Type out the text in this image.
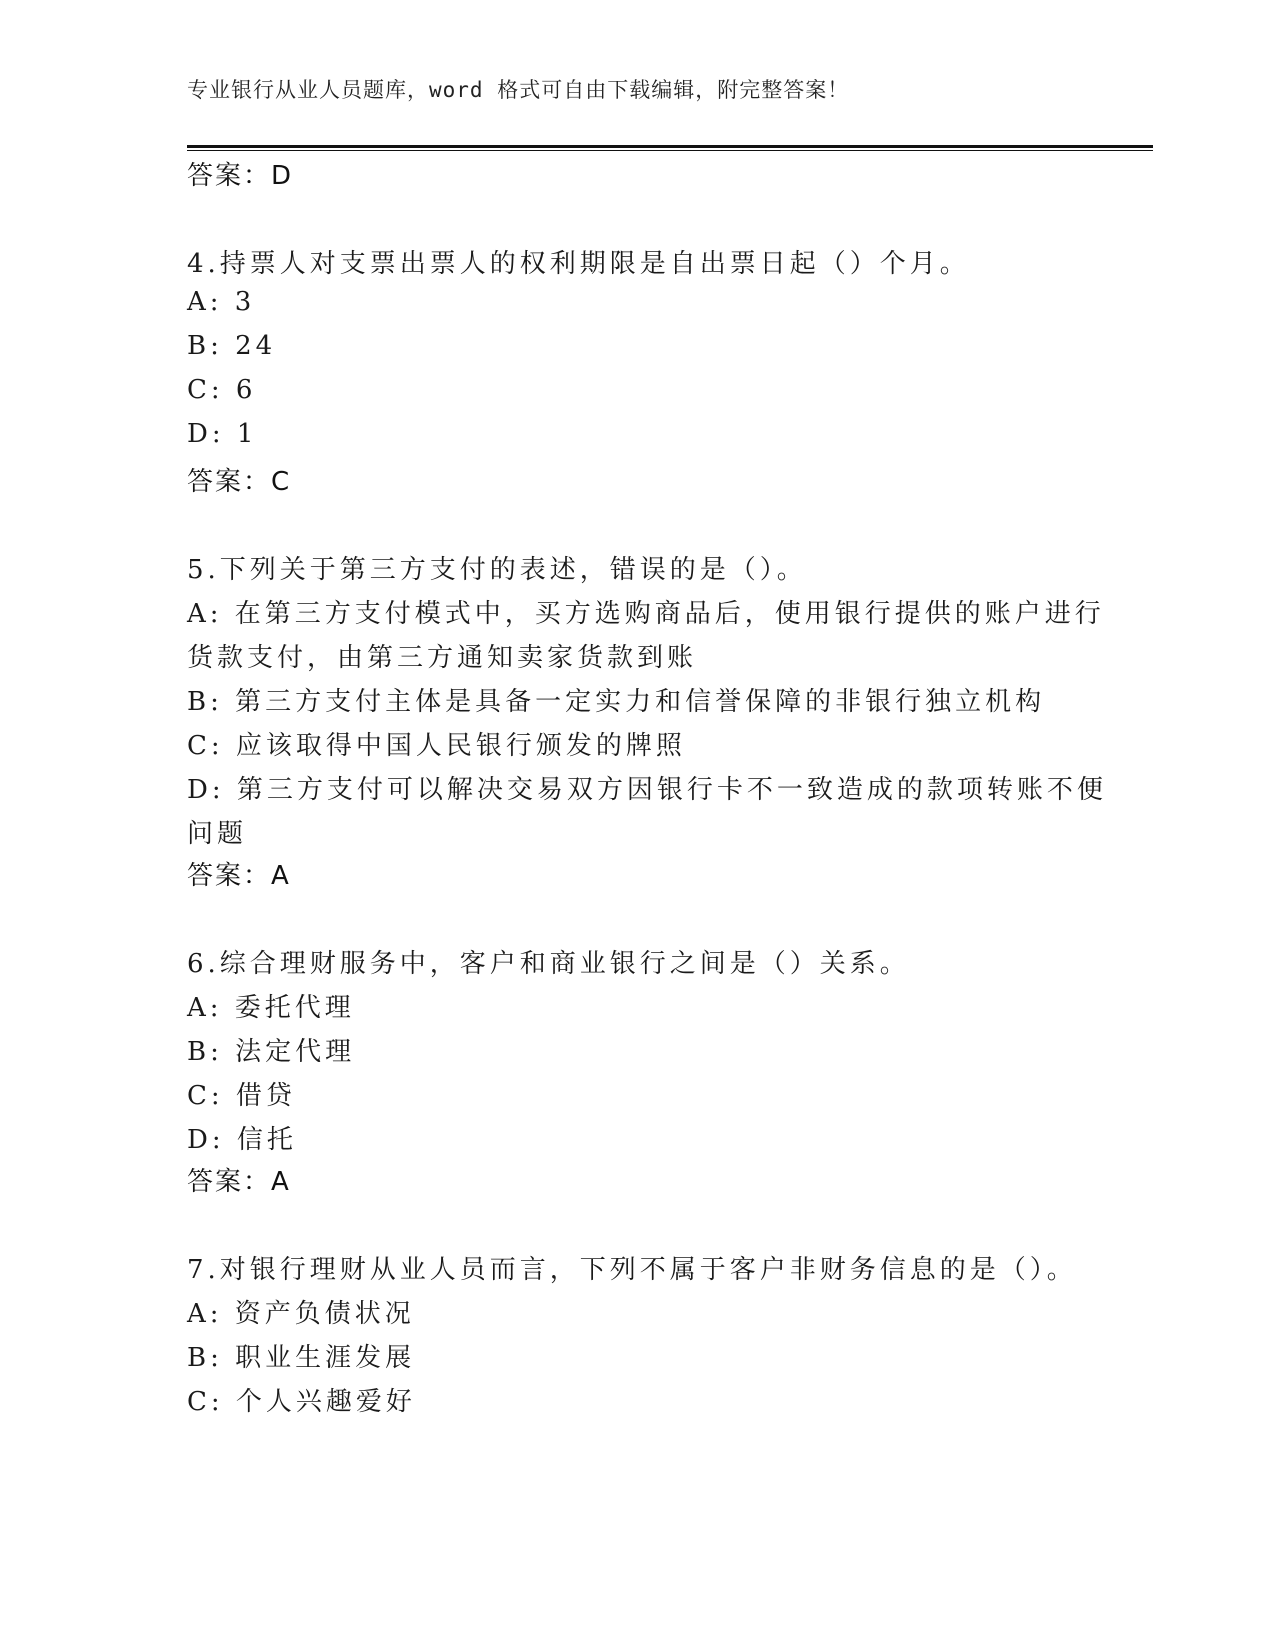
专业银行从业人员题库，word 格式可自由下载编辑，附完整答案！
答案：D
4.持票人对支票出票人的权利期限是自出票日起（）个月。
A: 3
B: 24
C: 6
D: 1
答案：C
5.下列关于第三方支付的表述，错误的是（）。
A: 在第三方支付模式中，买方选购商品后，使用银行提供的账户进行
货款支付，由第三方通知卖家货款到账
B: 第三方支付主体是具备一定实力和信誉保障的非银行独立机构
C: 应该取得中国人民银行颁发的牌照
D: 第三方支付可以解决交易双方因银行卡不一致造成的款项转账不便
问题
答案：A
6.综合理财服务中，客户和商业银行之间是（）关系。
A: 委托代理
B: 法定代理
C: 借贷
D: 信托
答案：A
7.对银行理财从业人员而言，下列不属于客户非财务信息的是（）。
A: 资产负债状况
B: 职业生涯发展
C: 个人兴趣爱好
